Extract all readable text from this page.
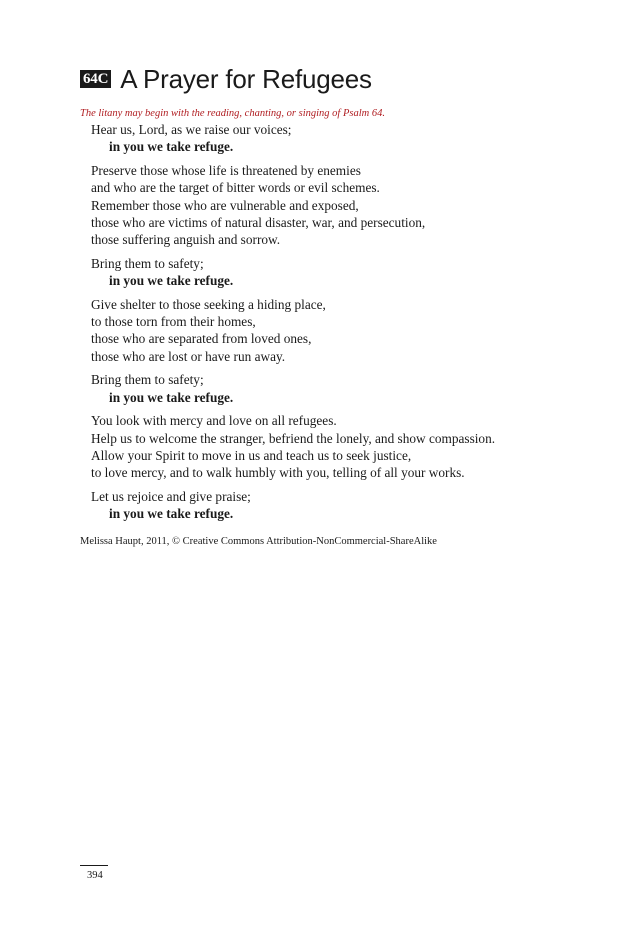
64C A Prayer for Refugees
The litany may begin with the reading, chanting, or singing of Psalm 64.
Hear us, Lord, as we raise our voices;
in you we take refuge.
Preserve those whose life is threatened by enemies
and who are the target of bitter words or evil schemes.
Remember those who are vulnerable and exposed,
those who are victims of natural disaster, war, and persecution,
those suffering anguish and sorrow.
Bring them to safety;
in you we take refuge.
Give shelter to those seeking a hiding place,
to those torn from their homes,
those who are separated from loved ones,
those who are lost or have run away.
Bring them to safety;
in you we take refuge.
You look with mercy and love on all refugees.
Help us to welcome the stranger, befriend the lonely, and show compassion.
Allow your Spirit to move in us and teach us to seek justice,
to love mercy, and to walk humbly with you, telling of all your works.
Let us rejoice and give praise;
in you we take refuge.
Melissa Haupt, 2011, © Creative Commons Attribution-NonCommercial-ShareAlike
394
